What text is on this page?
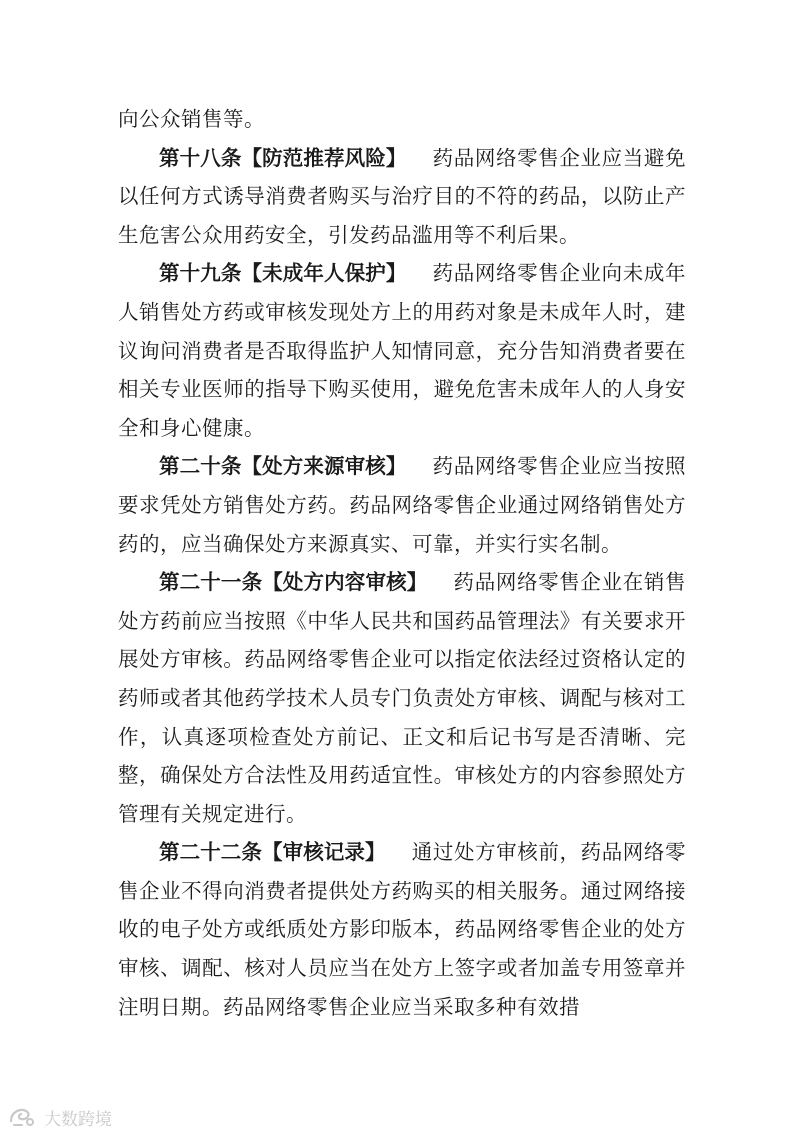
向公众销售等。

第十八条【防范推荐风险】 药品网络零售企业应当避免以任何方式诱导消费者购买与治疗目的不符的药品，以防止产生危害公众用药安全，引发药品滥用等不利后果。

第十九条【未成年人保护】 药品网络零售企业向未成年人销售处方药或审核发现处方上的用药对象是未成年人时，建议询问消费者是否取得监护人知情同意，充分告知消费者要在相关专业医师的指导下购买使用，避免危害未成年人的人身安全和身心健康。

第二十条【处方来源审核】 药品网络零售企业应当按照要求凭处方销售处方药。药品网络零售企业通过网络销售处方药的，应当确保处方来源真实、可靠，并实行实名制。

第二十一条【处方内容审核】 药品网络零售企业在销售处方药前应当按照《中华人民共和国药品管理法》有关要求开展处方审核。药品网络零售企业可以指定依法经过资格认定的药师或者其他药学技术人员专门负责处方审核、调配与核对工作，认真逐项检查处方前记、正文和后记书写是否清晰、完整，确保处方合法性及用药适宜性。审核处方的内容参照处方管理有关规定进行。

第二十二条【审核记录】 通过处方审核前，药品网络零售企业不得向消费者提供处方药购买的相关服务。通过网络接收的电子处方或纸质处方影印版本，药品网络零售企业的处方审核、调配、核对人员应当在处方上签字或者加盖专用签章并注明日期。药品网络零售企业应当采取多种有效措

大数跨境
